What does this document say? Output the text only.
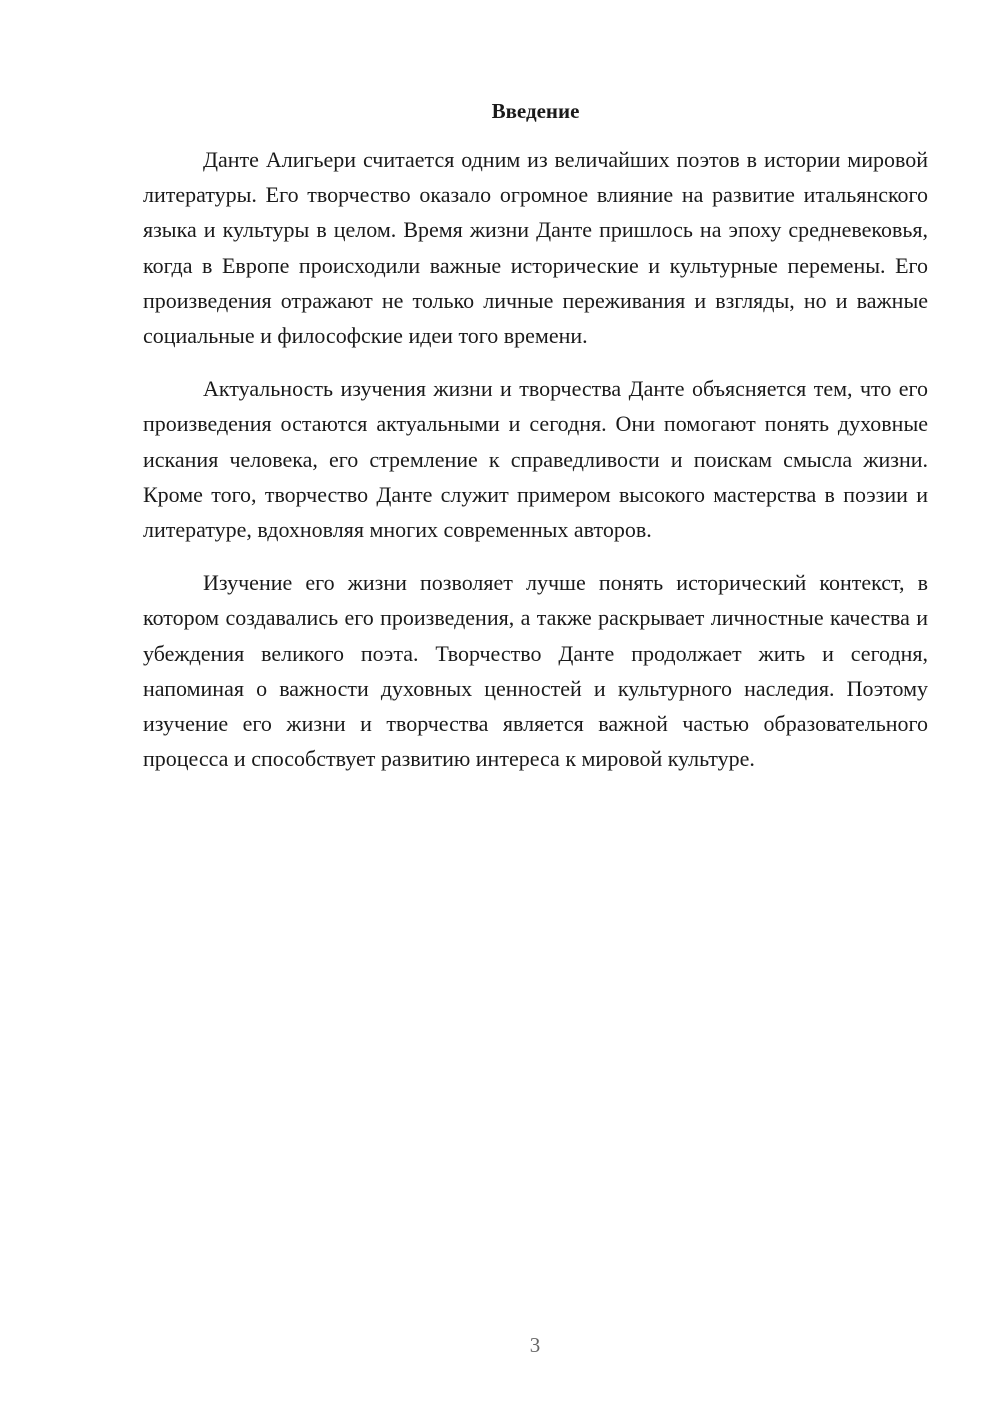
Введение

Данте Алигьери считается одним из величайших поэтов в истории мировой литературы. Его творчество оказало огромное влияние на развитие итальянского языка и культуры в целом. Время жизни Данте пришлось на эпоху средневековья, когда в Европе происходили важные исторические и культурные перемены. Его произведения отражают не только личные переживания и взгляды, но и важные социальные и философские идеи того времени.

Актуальность изучения жизни и творчества Данте объясняется тем, что его произведения остаются актуальными и сегодня. Они помогают понять духовные искания человека, его стремление к справедливости и поискам смысла жизни. Кроме того, творчество Данте служит примером высокого мастерства в поэзии и литературе, вдохновляя многих современных авторов.

Изучение его жизни позволяет лучше понять исторический контекст, в котором создавались его произведения, а также раскрывает личностные качества и убеждения великого поэта. Творчество Данте продолжает жить и сегодня, напоминая о важности духовных ценностей и культурного наследия. Поэтому изучение его жизни и творчества является важной частью образовательного процесса и способствует развитию интереса к мировой культуре.

3
